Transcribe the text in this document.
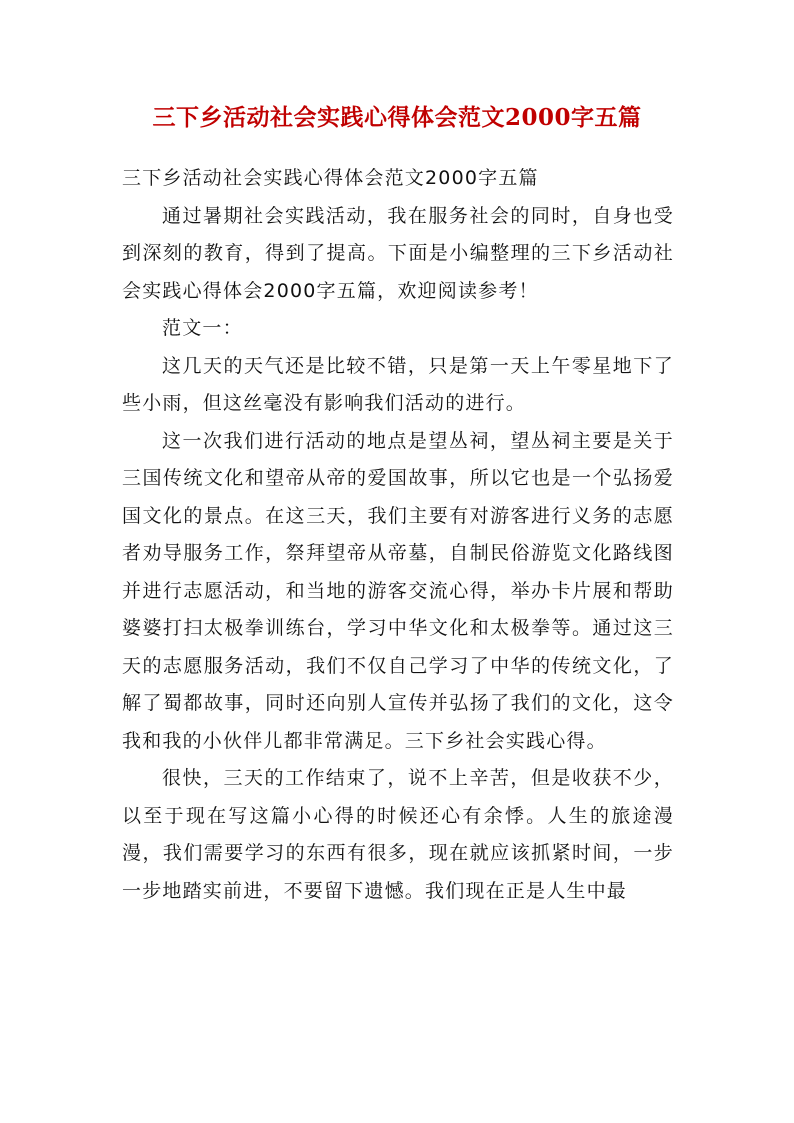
三下乡活动社会实践心得体会范文2000字五篇

三下乡活动社会实践心得体会范文2000字五篇

通过暑期社会实践活动，我在服务社会的同时，自身也受到深刻的教育，得到了提高。下面是小编整理的三下乡活动社会实践心得体会2000字五篇，欢迎阅读参考！

范文一：

这几天的天气还是比较不错，只是第一天上午零星地下了些小雨，但这丝毫没有影响我们活动的进行。

这一次我们进行活动的地点是望丛祠，望丛祠主要是关于三国传统文化和望帝从帝的爱国故事，所以它也是一个弘扬爱国文化的景点。在这三天，我们主要有对游客进行义务的志愿者劝导服务工作，祭拜望帝从帝墓，自制民俗游览文化路线图并进行志愿活动，和当地的游客交流心得，举办卡片展和帮助婆婆打扫太极拳训练台，学习中华文化和太极拳等。通过这三天的志愿服务活动，我们不仅自己学习了中华的传统文化，了解了蜀都故事，同时还向别人宣传并弘扬了我们的文化，这令我和我的小伙伴儿都非常满足。三下乡社会实践心得。

很快，三天的工作结束了，说不上辛苦，但是收获不少，以至于现在写这篇小心得的时候还心有余悸。人生的旅途漫漫，我们需要学习的东西有很多，现在就应该抓紧时间，一步一步地踏实前进，不要留下遗憾。我们现在正是人生中最
